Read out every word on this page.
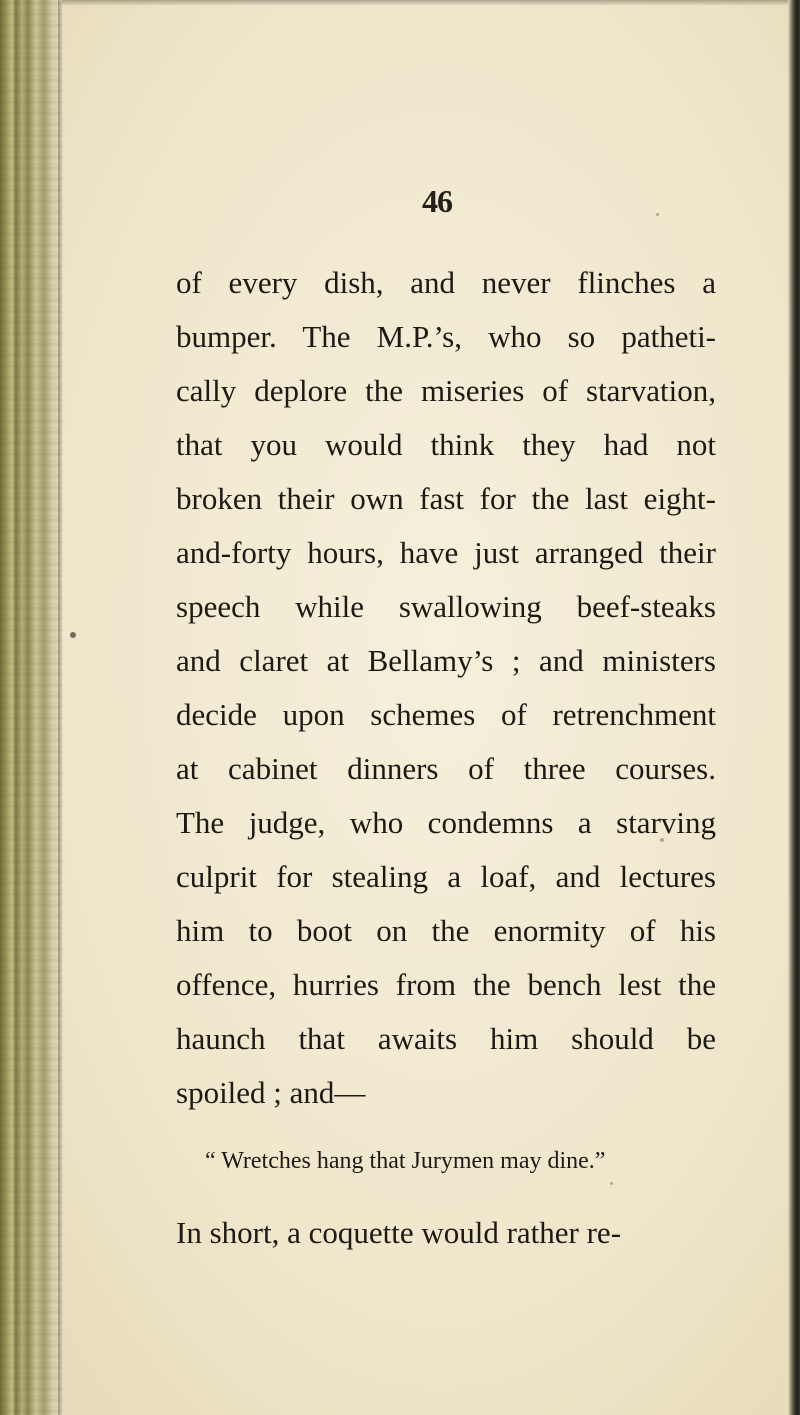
46
of every dish, and never flinches a
bumper. The M.P.’s, who so patheti-
cally deplore the miseries of starvation,
that you would think they had not
broken their own fast for the last eight-
and-forty hours, have just arranged their
speech while swallowing beef-steaks
and claret at Bellamy’s ; and ministers
decide upon schemes of retrenchment
at cabinet dinners of three courses.
The judge, who condemns a starving
culprit for stealing a loaf, and lectures
him to boot on the enormity of his
offence, hurries from the bench lest the
haunch that awaits him should be
spoiled ; and—
“ Wretches hang that Jurymen may dine.”
In short, a coquette would rather re-
